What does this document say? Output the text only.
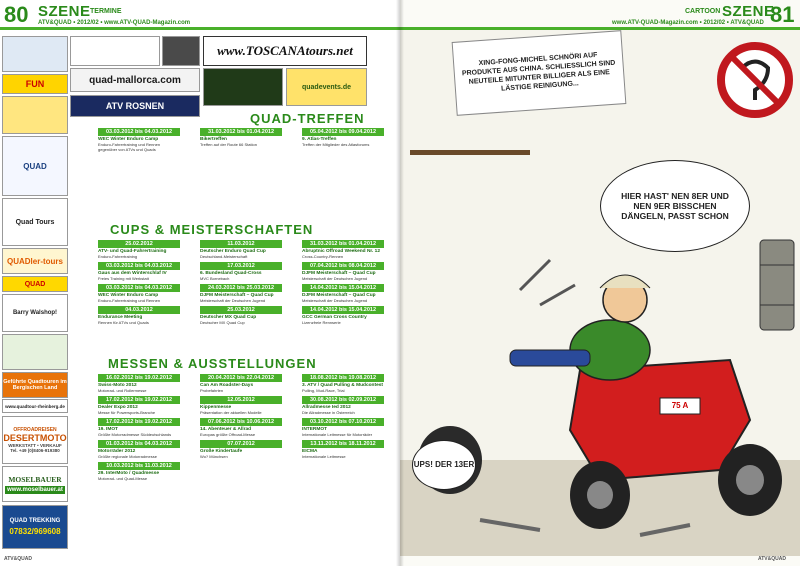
80 SZENE TERMINE
ATV&QUAD • 2012/02 • www.ATV-QUAD-Magazin.com
www.TOSCANAtours.net
quad-mallorca.com
quadevents.de
FUN
ATV ROSNEN
QUAD
Quad Tours
QUADler-tours
QUAD
Barry Walshop!
Geführte Quadtouren im Bergischen Land
www.quadtour-rheinberg.de
OFFROADREISEN
DESERTMOTO
WERKSTATT • VERKAUF
Tel. +49 (0)8406-919380
MOSELBAUER
www.moselbauer.at
QUAD TREKKING
07832/969608
QUAD-TREFFEN
CUPS & MEISTERSCHAFTEN
MESSEN & AUSSTELLUNGEN
03.03.2012 bis 04.03.2012
WEC Winter Enduro Camp
Enduro-Fahrertraining und Rennen gegenüber von ATVs und Quads
31.03.2012 bis 01.04.2012
Bikertreffen
Treffen auf der Route 66 Station
05.04.2012 bis 09.04.2012
9. Atlas-Treffen
Treffen der Mitglieder des Atlasforums
25.02.2012
ATV- und Quad-Fahrertraining
Enduro-Fahrertraining
03.03.2012 bis 04.03.2012
Gaus aus dem Winterschlaf IV
Freies Training mit Werkstatt
03.03.2012 bis 04.03.2012
WEC Winter Enduro Camp
Enduro-Fahrertraining und Rennen
04.03.2012
Endurance Meeting
Rennen für ATVs und Quads
11.03.2012
Deutscher Enduro Quad Cup
Deutschland-Meisterschaft
17.03.2012
6. Bundesland Quad-Cross
MVC Bornebach
24.03.2012 bis 25.03.2012
DJFM Meisterschaft – Quad Cup
Meisterschaft der Deutschen Jugend
25.03.2012
Deutscher MX Quad Cup
Deutscher MX Quad Cup
31.03.2012 bis 01.04.2012
Abruptnic Offroad Weekend Nr. 12
Cross-Country-Rennen
07.04.2012 bis 08.04.2012
DJFM Meisterschaft – Quad Cup
Meisterschaft der Deutschen Jugend
14.04.2012 bis 15.04.2012
DJFM Meisterschaft – Quad Cup
Meisterschaft der Deutschen Jugend
14.04.2012 bis 15.04.2012
GCC German Cross Country
Lizenzfreie Rennserie
16.02.2012 bis 19.02.2012
Swiss-Moto 2012
Motorrad- und Rollermesse
17.02.2012 bis 19.02.2012
Dealer Expo 2012
Messe für Powersports-Branche
17.02.2012 bis 19.02.2012
19. IMOT
Größte Motorradmesse Süddeutschlands
01.03.2012 bis 04.03.2012
Motorräder 2012
Größte regionale Motorradmesse
10.03.2012 bis 11.03.2012
29. InterMoto / Quadmesse
Motorrad- und Quad-Messe
20.04.2012 bis 22.04.2012
Can Am Roadster-Days
Probefahrten
12.05.2012
Kippenmesse
Präsentation der aktuellen Modelle
07.06.2012 bis 10.06.2012
14. Abenteuer & Allrad
Europas größte Offroad-Messe
07.07.2012
Große Kindertaufe
Wo? Münchsen
18.08.2012 bis 19.08.2012
3. ATV / Quad Pulling & Mudcontest
Pulling, Mud-Race, Trial
30.08.2012 bis 02.09.2012
Allradmesse Ied 2012
Die Allradmesse in Österreich
03.10.2012 bis 07.10.2012
INTERMOT
Internationale Leitmesse für Motorräder
13.11.2012 bis 18.11.2012
EICMA
Internationale Leitmesse
CARTOON SZENE
81
www.ATV-QUAD-Magazin.com • 2012/02 • ATV&QUAD
XING-FONG-MICHEL SCHNÖRI AUF PRODUKTE AUS CHINA. SCHLIESSLICH SIND NEUTEILE MITUNTER BILLIGER ALS EINE LÄSTIGE REINIGUNG...
HIER HAST' NEN 8ER UND NEN 9ER BISSCHEN DÄNGELN, PASST SCHON
UPS! DER 13ER
75 A
ATV&QUAD	ATV&QUAD
